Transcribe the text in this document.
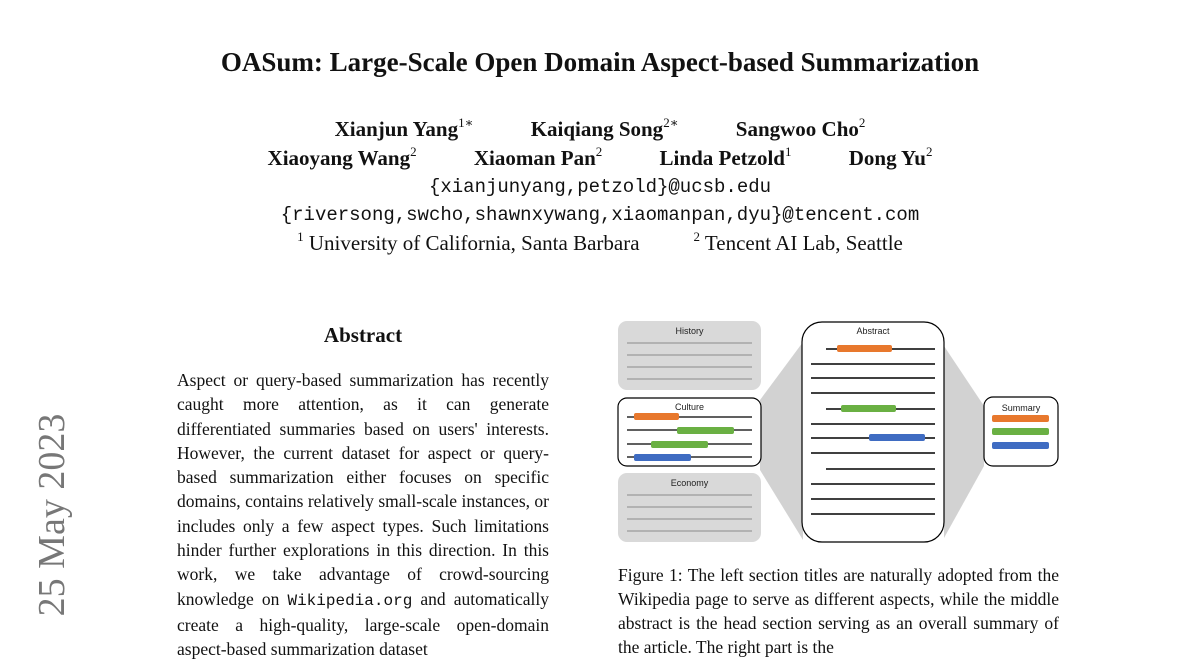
OASum: Large-Scale Open Domain Aspect-based Summarization
Xianjun Yang$^{1∗}$	Kaiqiang Song$^{2∗}$	Sangwoo Cho$^2$
Xiaoyang Wang$^2$	Xiaoman Pan$^2$	Linda Petzold$^1$	Dong Yu$^2$
{xianjunyang,petzold}@ucsb.edu
{riversong,swcho,shawnxywang,xiaomanpan,dyu}@tencent.com
$^1$ University of California, Santa Barbara	$^2$ Tencent AI Lab, Seattle
25 May 2023
Abstract
Aspect or query-based summarization has recently caught more attention, as it can generate differentiated summaries based on users' interests. However, the current dataset for aspect or query-based summarization either focuses on specific domains, contains relatively small-scale instances, or includes only a few aspect types. Such limitations hinder further explorations in this direction. In this work, we take advantage of crowd-sourcing knowledge on Wikipedia.org and automatically create a high-quality, large-scale open-domain aspect-based summarization dataset
History
Culture
Economy
Abstract
Summary
Figure 1: The left section titles are naturally adopted from the Wikipedia page to serve as different aspects, while the middle abstract is the head section serving as an overall summary of the article. The right part is the
